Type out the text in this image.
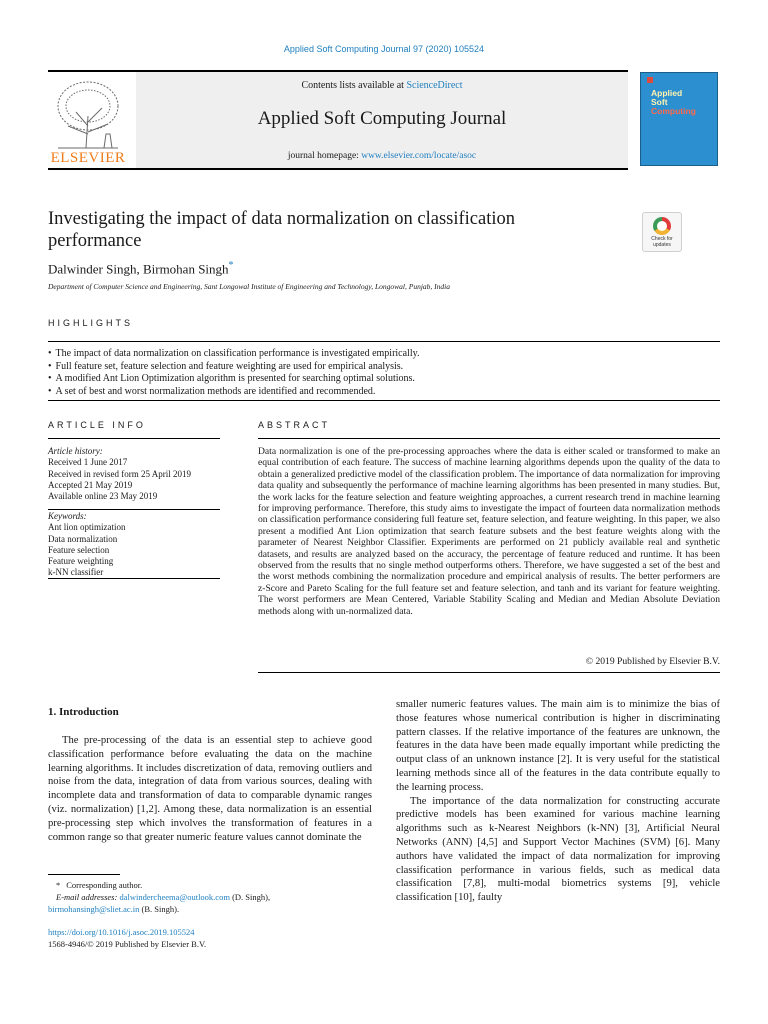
Applied Soft Computing Journal 97 (2020) 105524
ELSEVIER
Contents lists available at ScienceDirect
Applied Soft Computing Journal
journal homepage: www.elsevier.com/locate/asoc
Applied
Soft
Computing
Investigating the impact of data normalization on classification performance
Dalwinder Singh, Birmohan Singh*
Department of Computer Science and Engineering, Sant Longowal Institute of Engineering and Technology, Longowal, Punjab, India
Check for updates
HIGHLIGHTS
• The impact of data normalization on classification performance is investigated empirically.
• Full feature set, feature selection and feature weighting are used for empirical analysis.
• A modified Ant Lion Optimization algorithm is presented for searching optimal solutions.
• A set of best and worst normalization methods are identified and recommended.
ARTICLE INFO
Article history:
Received 1 June 2017
Received in revised form 25 April 2019
Accepted 21 May 2019
Available online 23 May 2019
Keywords:
Ant lion optimization
Data normalization
Feature selection
Feature weighting
k-NN classifier
ABSTRACT
Data normalization is one of the pre-processing approaches where the data is either scaled or transformed to make an equal contribution of each feature. The success of machine learning algorithms depends upon the quality of the data to obtain a generalized predictive model of the classification problem. The importance of data normalization for improving data quality and subsequently the performance of machine learning algorithms has been presented in many studies. But, the work lacks for the feature selection and feature weighting approaches, a current research trend in machine learning for improving performance. Therefore, this study aims to investigate the impact of fourteen data normalization methods on classification performance considering full feature set, feature selection, and feature weighting. In this paper, we also present a modified Ant Lion optimization that search feature subsets and the best feature weights along with the parameter of Nearest Neighbor Classifier. Experiments are performed on 21 publicly available real and synthetic datasets, and results are analyzed based on the accuracy, the percentage of feature reduced and runtime. It has been observed from the results that no single method outperforms others. Therefore, we have suggested a set of the best and the worst methods combining the normalization procedure and empirical analysis of results. The better performers are z-Score and Pareto Scaling for the full feature set and feature selection, and tanh and its variant for feature weighting. The worst performers are Mean Centered, Variable Stability Scaling and Median and Median Absolute Deviation methods along with un-normalized data.
© 2019 Published by Elsevier B.V.
1. Introduction
The pre-processing of the data is an essential step to achieve good classification performance before evaluating the data on the machine learning algorithms. It includes discretization of data, removing outliers and noise from the data, integration of data from various sources, dealing with incomplete data and transformation of data to comparable dynamic ranges (viz. normalization) [1,2]. Among these, data normalization is an essential pre-processing step which involves the transformation of features in a common range so that greater numeric feature values cannot dominate the

smaller numeric features values. The main aim is to minimize the bias of those features whose numerical contribution is higher in discriminating pattern classes. If the relative importance of the features are unknown, the features in the data have been made equally important while predicting the output class of an unknown instance [2]. It is very useful for the statistical learning methods since all of the features in the data contribute equally to the learning process.

The importance of the data normalization for constructing accurate predictive models has been examined for various machine learning algorithms such as k-Nearest Neighbors (k-NN) [3], Artificial Neural Networks (ANN) [4,5] and Support Vector Machines (SVM) [6]. Many authors have validated the impact of data normalization for improving classification performance in various fields, such as medical data classification [7,8], multi-modal biometrics systems [9], vehicle classification [10], faulty

* Corresponding author.
E-mail addresses: dalwindercheema@outlook.com (D. Singh),
birmohansingh@sliet.ac.in (B. Singh).
https://doi.org/10.1016/j.asoc.2019.105524
1568-4946/© 2019 Published by Elsevier B.V.
